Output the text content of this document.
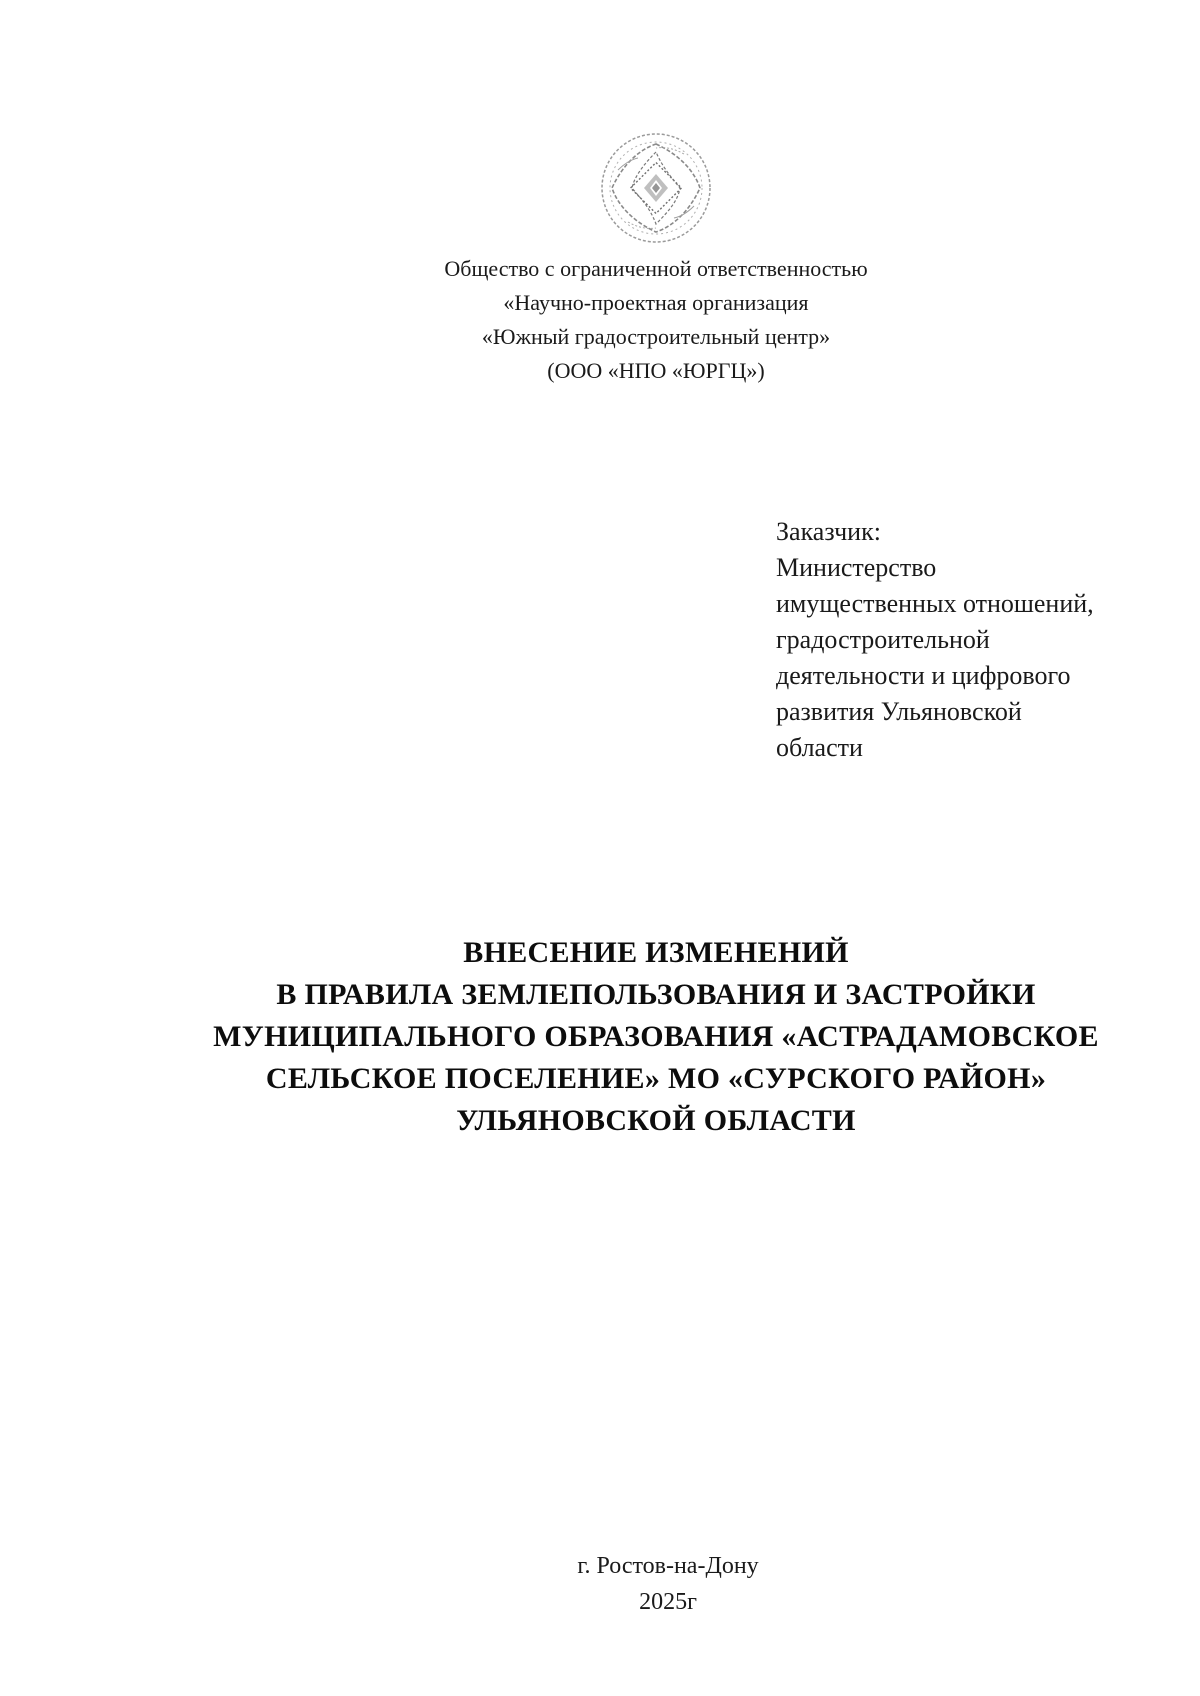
Общество с ограниченной ответственностью
«Научно-проектная организация
«Южный градостроительный центр»
(ООО «НПО «ЮРГЦ»)
Заказчик:
Министерство
имущественных отношений,
градостроительной
деятельности и цифрового
развития Ульяновской
области
ВНЕСЕНИЕ ИЗМЕНЕНИЙ
В ПРАВИЛА ЗЕМЛЕПОЛЬЗОВАНИЯ И ЗАСТРОЙКИ
МУНИЦИПАЛЬНОГО ОБРАЗОВАНИЯ «АСТРАДАМОВСКОЕ
СЕЛЬСКОЕ ПОСЕЛЕНИЕ» МО «СУРСКОГО РАЙОН»
УЛЬЯНОВСКОЙ ОБЛАСТИ
г. Ростов-на-Дону
2025г
